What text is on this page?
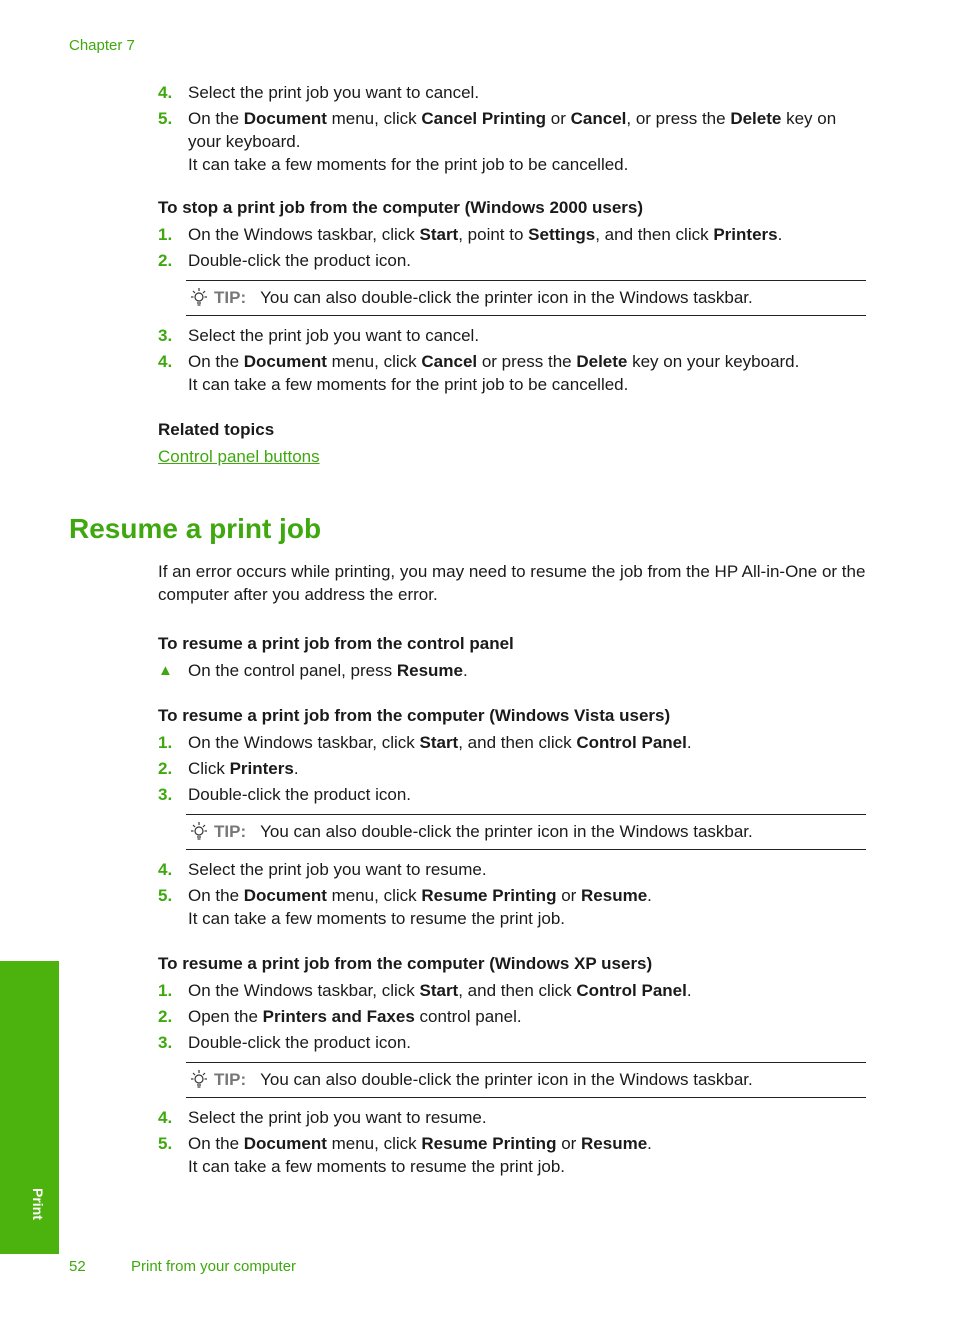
Chapter 7
4. Select the print job you want to cancel.
5. On the Document menu, click Cancel Printing or Cancel, or press the Delete key on your keyboard.
It can take a few moments for the print job to be cancelled.
To stop a print job from the computer (Windows 2000 users)
1. On the Windows taskbar, click Start, point to Settings, and then click Printers.
2. Double-click the product icon.
TIP: You can also double-click the printer icon in the Windows taskbar.
3. Select the print job you want to cancel.
4. On the Document menu, click Cancel or press the Delete key on your keyboard.
It can take a few moments for the print job to be cancelled.
Related topics
Control panel buttons
Resume a print job
If an error occurs while printing, you may need to resume the job from the HP All-in-One or the computer after you address the error.
To resume a print job from the control panel
▲ On the control panel, press Resume.
To resume a print job from the computer (Windows Vista users)
1. On the Windows taskbar, click Start, and then click Control Panel.
2. Click Printers.
3. Double-click the product icon.
TIP: You can also double-click the printer icon in the Windows taskbar.
4. Select the print job you want to resume.
5. On the Document menu, click Resume Printing or Resume.
It can take a few moments to resume the print job.
To resume a print job from the computer (Windows XP users)
1. On the Windows taskbar, click Start, and then click Control Panel.
2. Open the Printers and Faxes control panel.
3. Double-click the product icon.
TIP: You can also double-click the printer icon in the Windows taskbar.
4. Select the print job you want to resume.
5. On the Document menu, click Resume Printing or Resume.
It can take a few moments to resume the print job.
Print
52	Print from your computer
